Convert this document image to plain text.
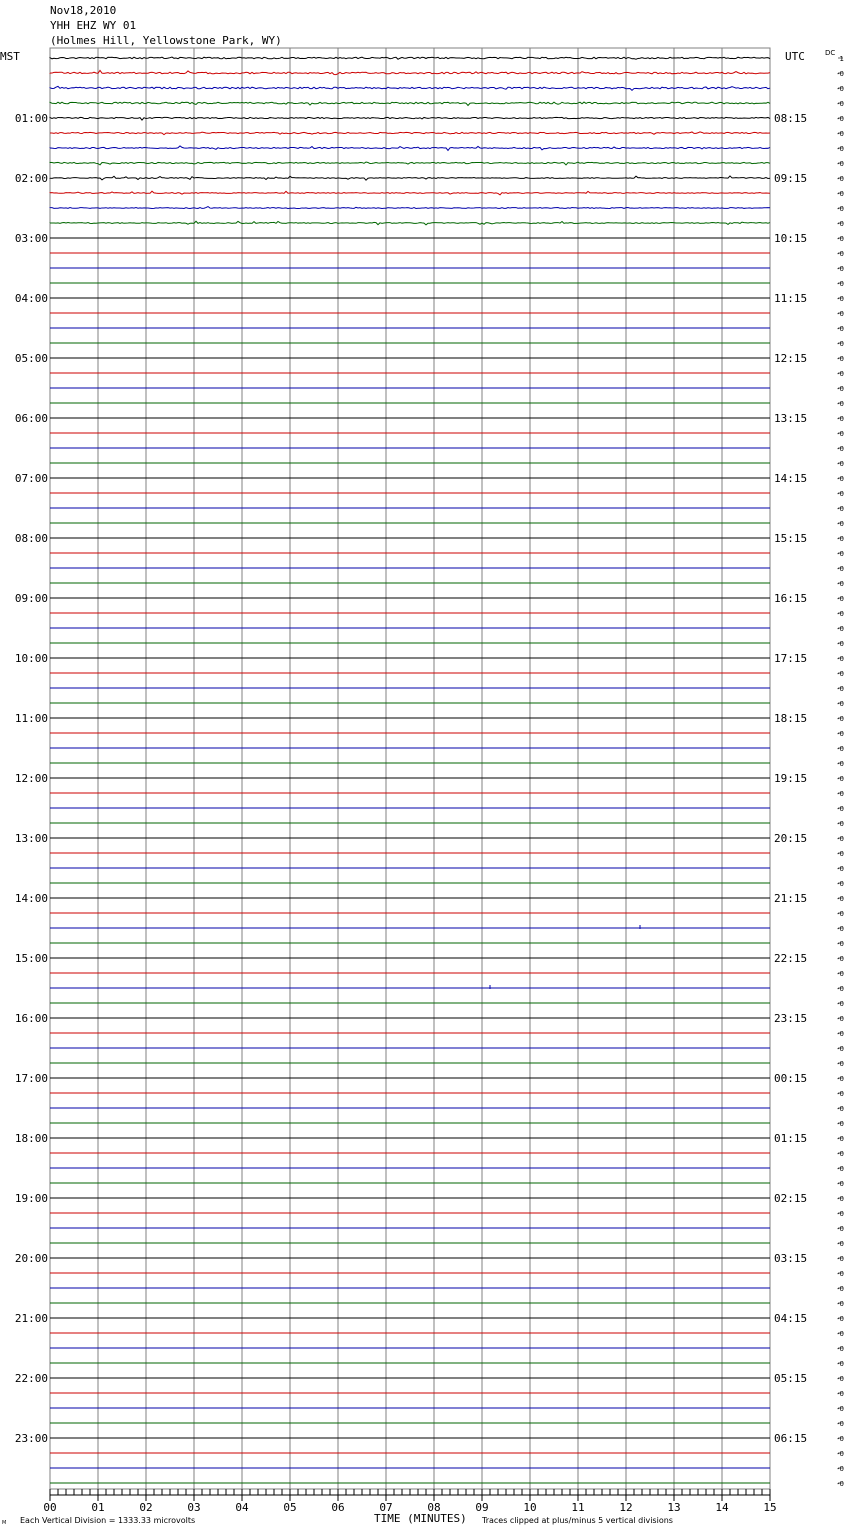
Nov18,2010
YHH EHZ WY 01
(Holmes Hill, Yellowstone Park, WY)
MST	UTC	DC
01:00
02:00
03:00
04:00
05:00
06:00
07:00
08:00
09:00
10:00
11:00
12:00
13:00
14:00
15:00
16:00
17:00
18:00
19:00
20:00
21:00
22:00
23:00
08:15
09:15
10:15
11:15
12:15
13:15
14:15
15:15
16:15
17:15
18:15
19:15
20:15
21:15
22:15
23:15
00:15
01:15
02:15
03:15
04:15
05:15
06:15
1
-0
-0
-0
-0
-0
-0
-0
-0
-0
-0
-0
-0
-0
-0
-0
-0
-0
-0
-0
-0
-0
-0
-0
-0
-0
-0
-0
-0
-0
-0
-0
-0
-0
-0
-0
-0
-0
-0
-0
-0
-0
-0
-0
-0
-0
-0
-0
-0
-0
-0
-0
-0
-0
-0
-0
-0
-0
-0
-0
-0
-0
-0
-0
-0
-0
-0
-0
-0
-0
-0
-0
-0
-0
-0
-0
-0
-0
-0
-0
-0
-0
-0
-0
-0
-0
-0
-0
-0
-0
-0
-0
-0
-0
-0
-0
00	01	02	03	04	05	06	07	08	09	10	11	12	13	14	15
M Each Vertical Division = 1333.33 microvolts	TIME (MINUTES) Traces clipped at plus/minus 5 vertical divisions
